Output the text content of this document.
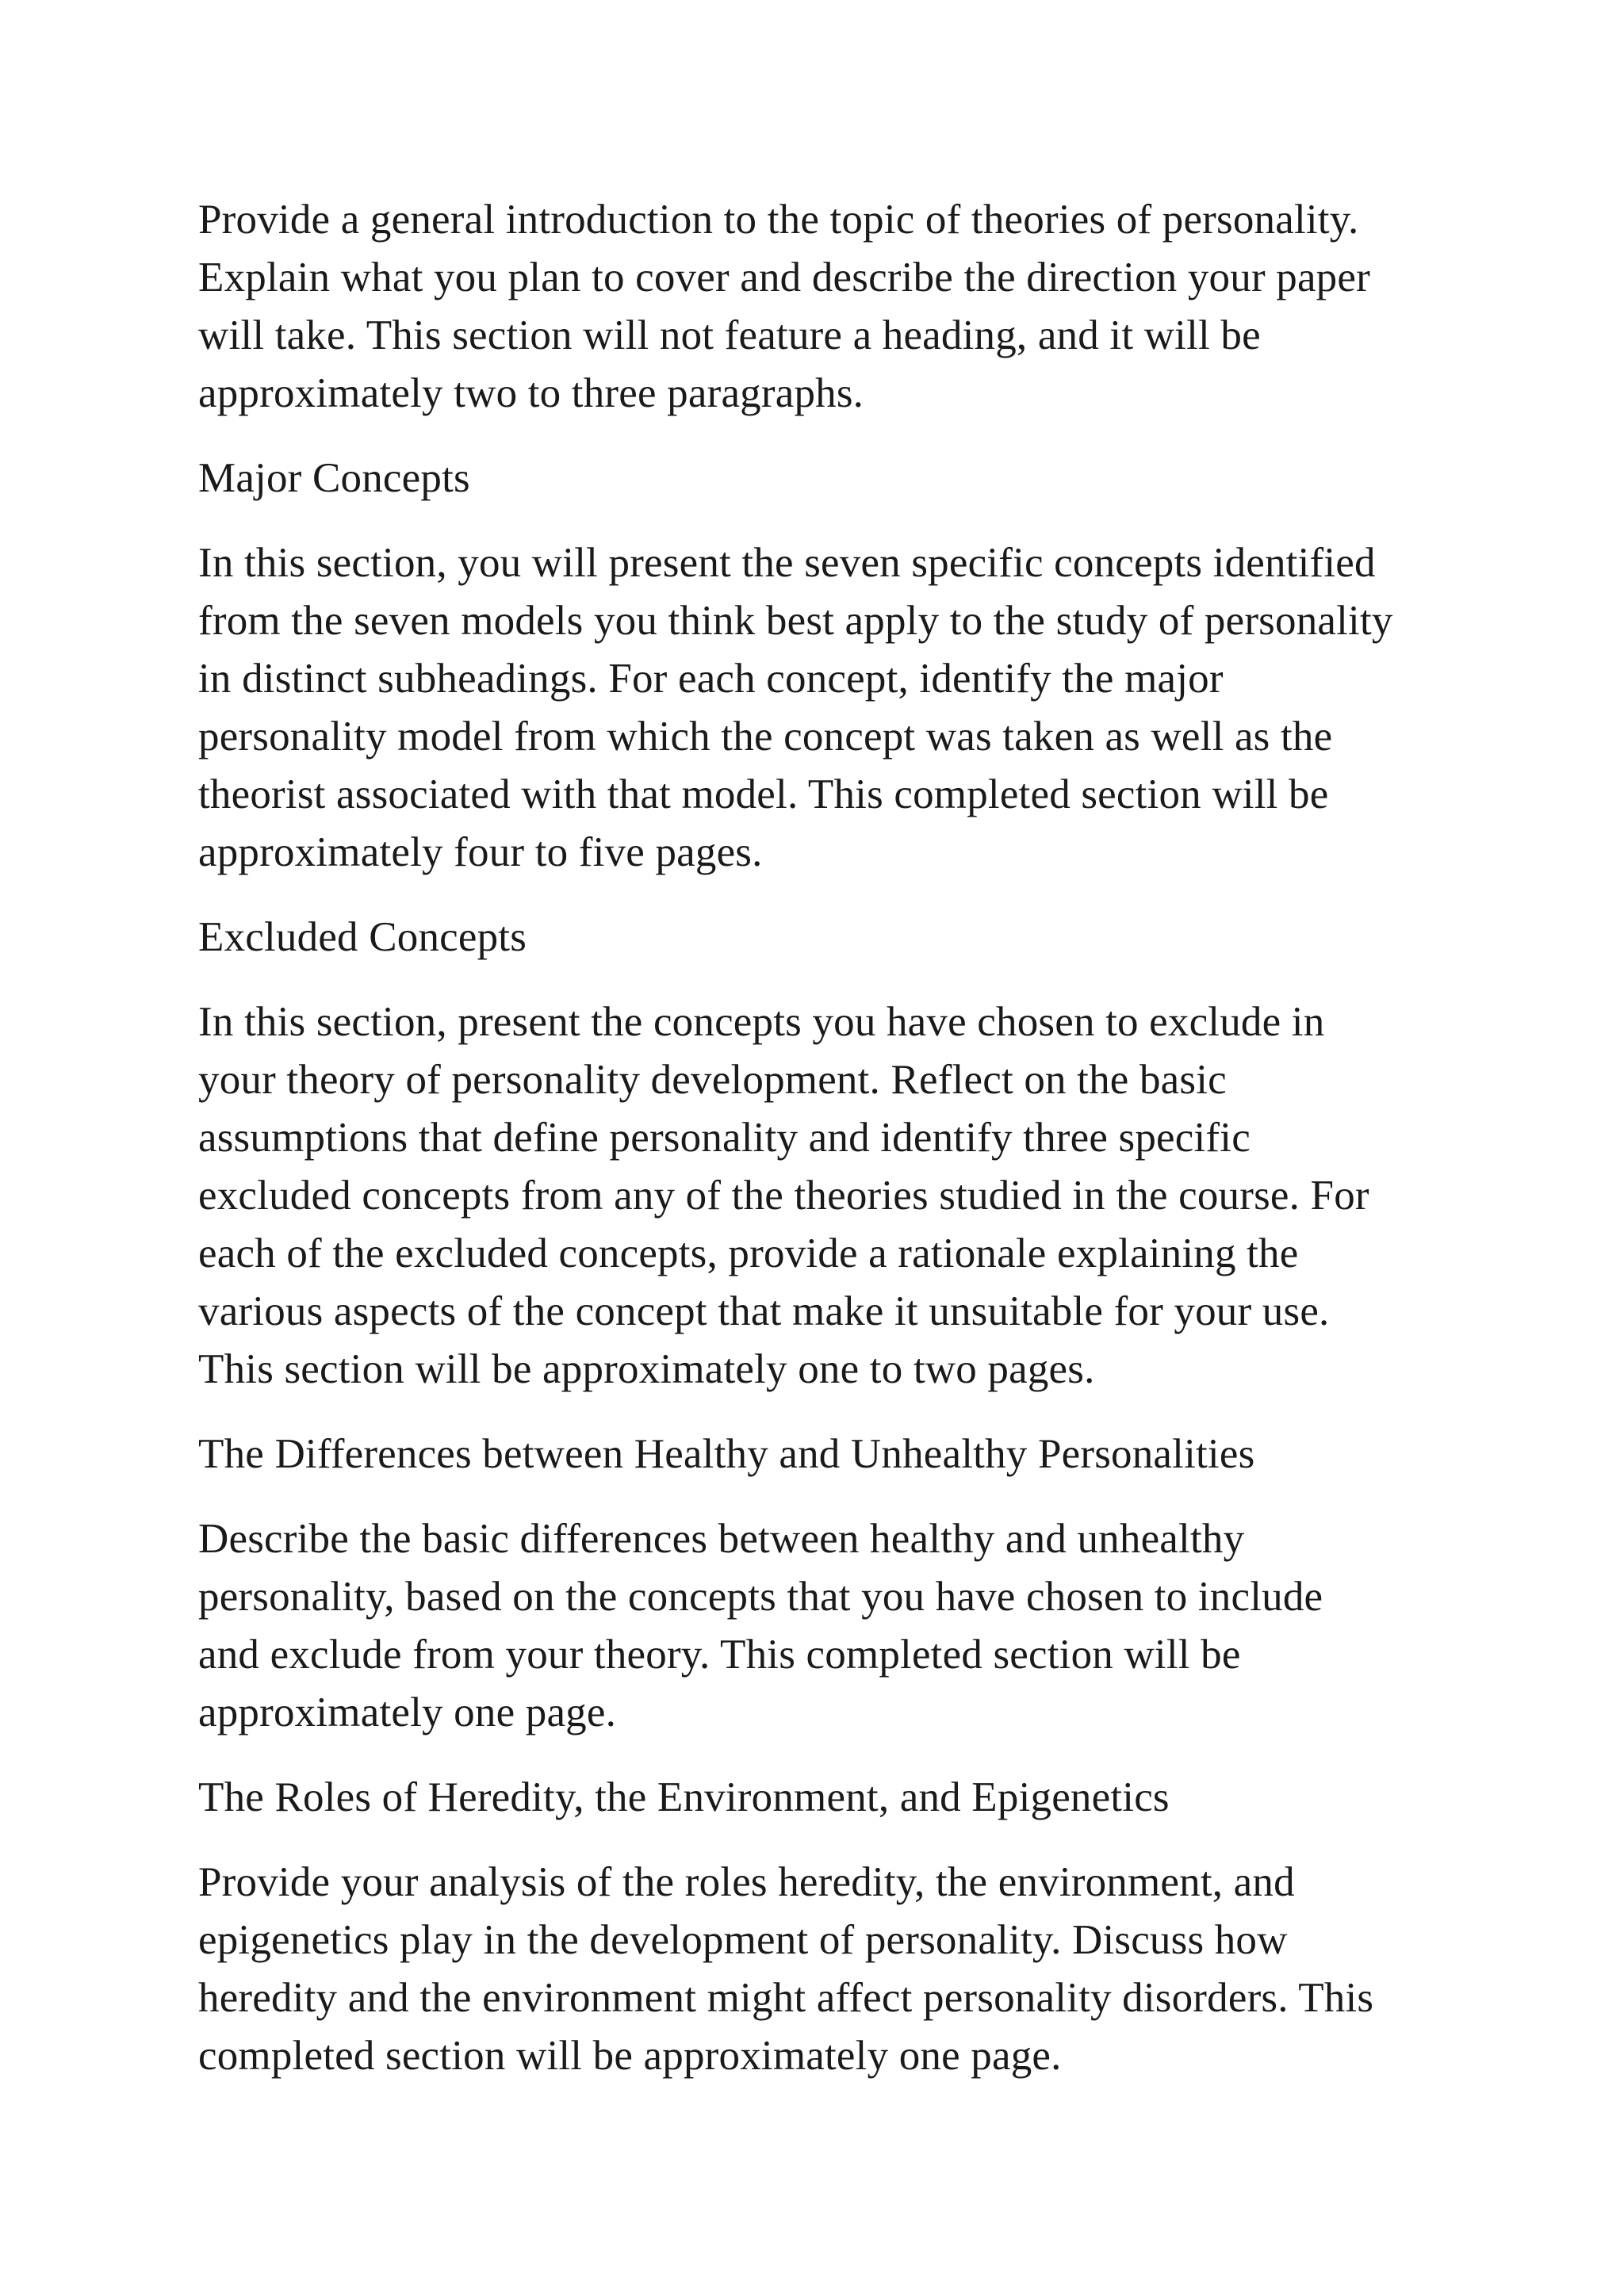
Provide a general introduction to the topic of theories of personality.
Explain what you plan to cover and describe the direction your paper
will take. This section will not feature a heading, and it will be
approximately two to three paragraphs.

Major Concepts

In this section, you will present the seven specific concepts identified
from the seven models you think best apply to the study of personality
in distinct subheadings. For each concept, identify the major
personality model from which the concept was taken as well as the
theorist associated with that model. This completed section will be
approximately four to five pages.

Excluded Concepts

In this section, present the concepts you have chosen to exclude in
your theory of personality development. Reflect on the basic
assumptions that define personality and identify three specific
excluded concepts from any of the theories studied in the course. For
each of the excluded concepts, provide a rationale explaining the
various aspects of the concept that make it unsuitable for your use.
This section will be approximately one to two pages.

The Differences between Healthy and Unhealthy Personalities

Describe the basic differences between healthy and unhealthy
personality, based on the concepts that you have chosen to include
and exclude from your theory. This completed section will be
approximately one page.

The Roles of Heredity, the Environment, and Epigenetics

Provide your analysis of the roles heredity, the environment, and
epigenetics play in the development of personality. Discuss how
heredity and the environment might affect personality disorders. This
completed section will be approximately one page.
